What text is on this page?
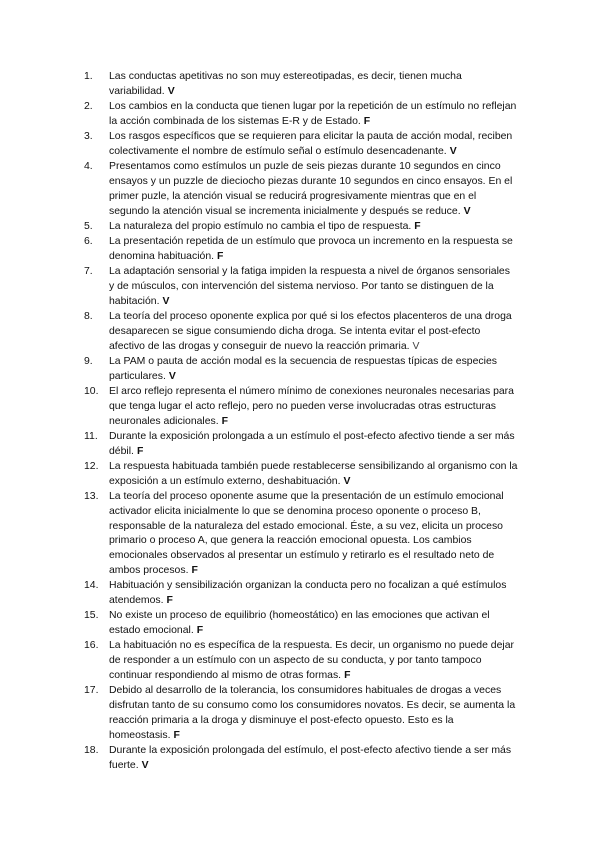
1.	Las conductas apetitivas no son muy estereotipadas, es decir, tienen mucha variabilidad. V
2.	Los cambios en la conducta que tienen lugar por la repetición de un estímulo no reflejan la acción combinada de los sistemas E-R y de Estado. F
3.	Los rasgos específicos que se requieren para elicitar la pauta de acción modal, reciben colectivamente el nombre de estímulo señal o estímulo desencadenante. V
4.	Presentamos como estímulos un puzle de seis piezas durante 10 segundos en cinco ensayos y un puzzle de dieciocho piezas durante 10 segundos en cinco ensayos. En el primer puzle, la atención visual se reducirá progresivamente mientras que en el segundo la atención visual se incrementa inicialmente y después se reduce. V
5.	La naturaleza del propio estímulo no cambia el tipo de respuesta. F
6.	La presentación repetida de un estímulo que provoca un incremento en la respuesta se denomina habituación. F
7.	La adaptación sensorial y la fatiga impiden la respuesta a nivel de órganos sensoriales y de músculos, con intervención del sistema nervioso. Por tanto se distinguen de la habitación. V
8.	La teoría del proceso oponente explica por qué si los efectos placenteros de una droga desaparecen se sigue consumiendo dicha droga. Se intenta evitar el post-efecto afectivo de las drogas y conseguir de nuevo la reacción primaria. V
9.	La PAM o pauta de acción modal es la secuencia de respuestas típicas de especies particulares. V
10.	El arco reflejo representa el número mínimo de conexiones neuronales necesarias para que tenga lugar el acto reflejo, pero no pueden verse involucradas otras estructuras neuronales adicionales. F
11.	Durante la exposición prolongada a un estímulo el post-efecto afectivo tiende a ser más débil. F
12.	La respuesta habituada también puede restablecerse sensibilizando al organismo con la exposición a un estímulo externo, deshabituación. V
13.	La teoría del proceso oponente asume que la presentación de un estímulo emocional activador elicita inicialmente lo que se denomina proceso oponente o proceso B, responsable de la naturaleza del estado emocional. Éste, a su vez, elicita un proceso primario o proceso A, que genera la reacción emocional opuesta. Los cambios emocionales observados al presentar un estímulo y retirarlo es el resultado neto de ambos procesos. F
14.	Habituación y sensibilización organizan la conducta pero no focalizan a qué estímulos atendemos. F
15.	No existe un proceso de equilibrio (homeostático) en las emociones que activan el estado emocional. F
16.	La habituación no es específica de la respuesta. Es decir, un organismo no puede dejar de responder a un estímulo con un aspecto de su conducta, y por tanto tampoco continuar respondiendo al mismo de otras formas. F
17.	Debido al desarrollo de la tolerancia, los consumidores habituales de drogas a veces disfrutan tanto de su consumo como los consumidores novatos. Es decir, se aumenta la reacción primaria a la droga y disminuye el post-efecto opuesto. Esto es la homeostasis. F
18.	Durante la exposición prolongada del estímulo, el post-efecto afectivo tiende a ser más fuerte. V
